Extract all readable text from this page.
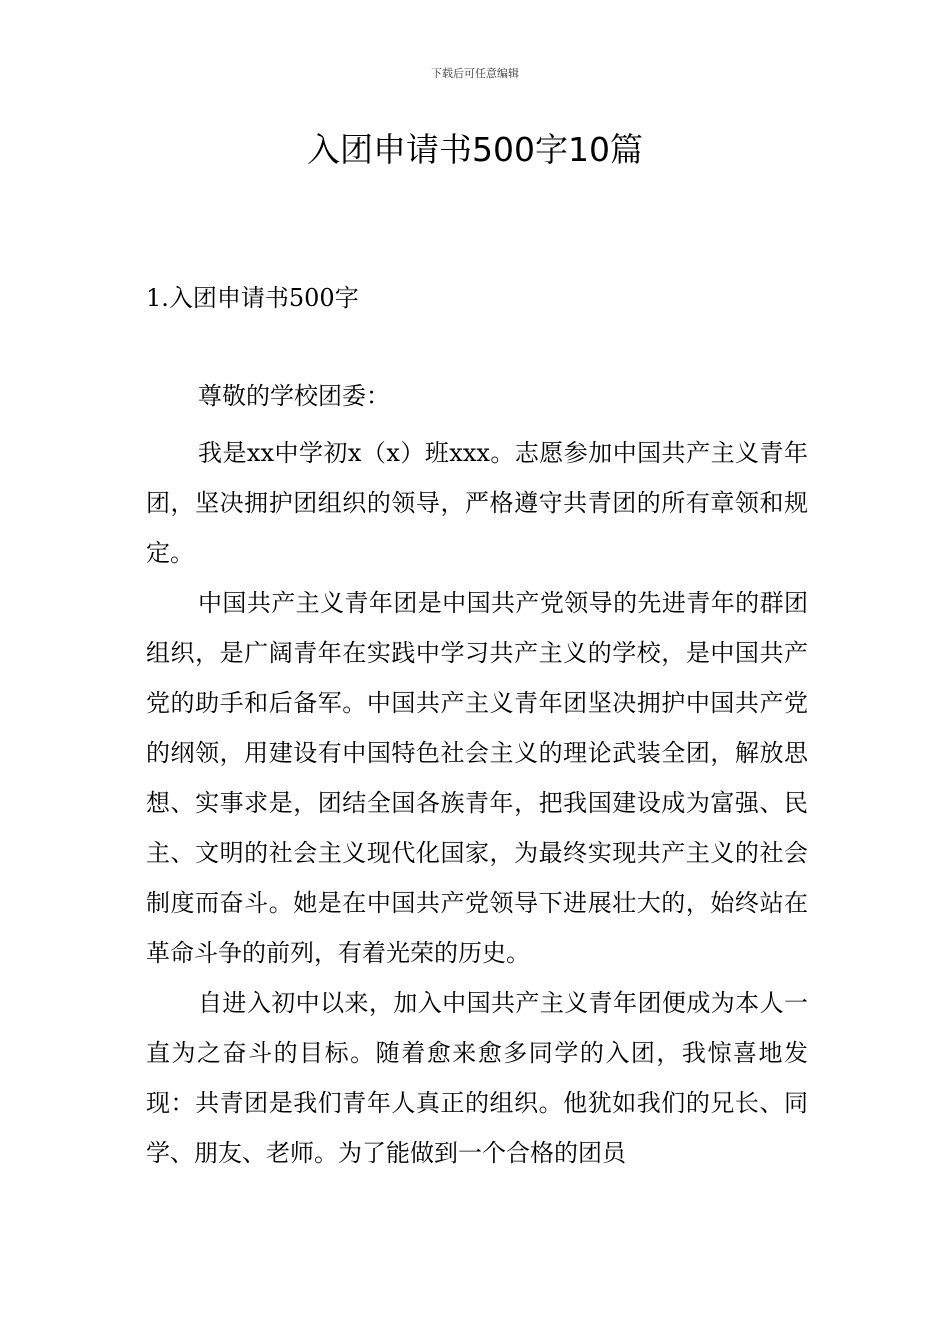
下载后可任意编辑
入团申请书500字10篇
1.入团申请书500字

尊敬的学校团委：

我是xx中学初x（x）班xxx。志愿参加中国共产主义青年团，坚决拥护团组织的领导，严格遵守共青团的所有章领和规定。

中国共产主义青年团是中国共产党领导的先进青年的群团组织，是广阔青年在实践中学习共产主义的学校，是中国共产党的助手和后备军。中国共产主义青年团坚决拥护中国共产党的纲领，用建设有中国特色社会主义的理论武装全团，解放思想、实事求是，团结全国各族青年，把我国建设成为富强、民主、文明的社会主义现代化国家，为最终实现共产主义的社会制度而奋斗。她是在中国共产党领导下进展壮大的，始终站在革命斗争的前列，有着光荣的历史。

自进入初中以来，加入中国共产主义青年团便成为本人一直为之奋斗的目标。随着愈来愈多同学的入团，我惊喜地发现：共青团是我们青年人真正的组织。他犹如我们的兄长、同学、朋友、老师。为了能做到一个合格的团员
